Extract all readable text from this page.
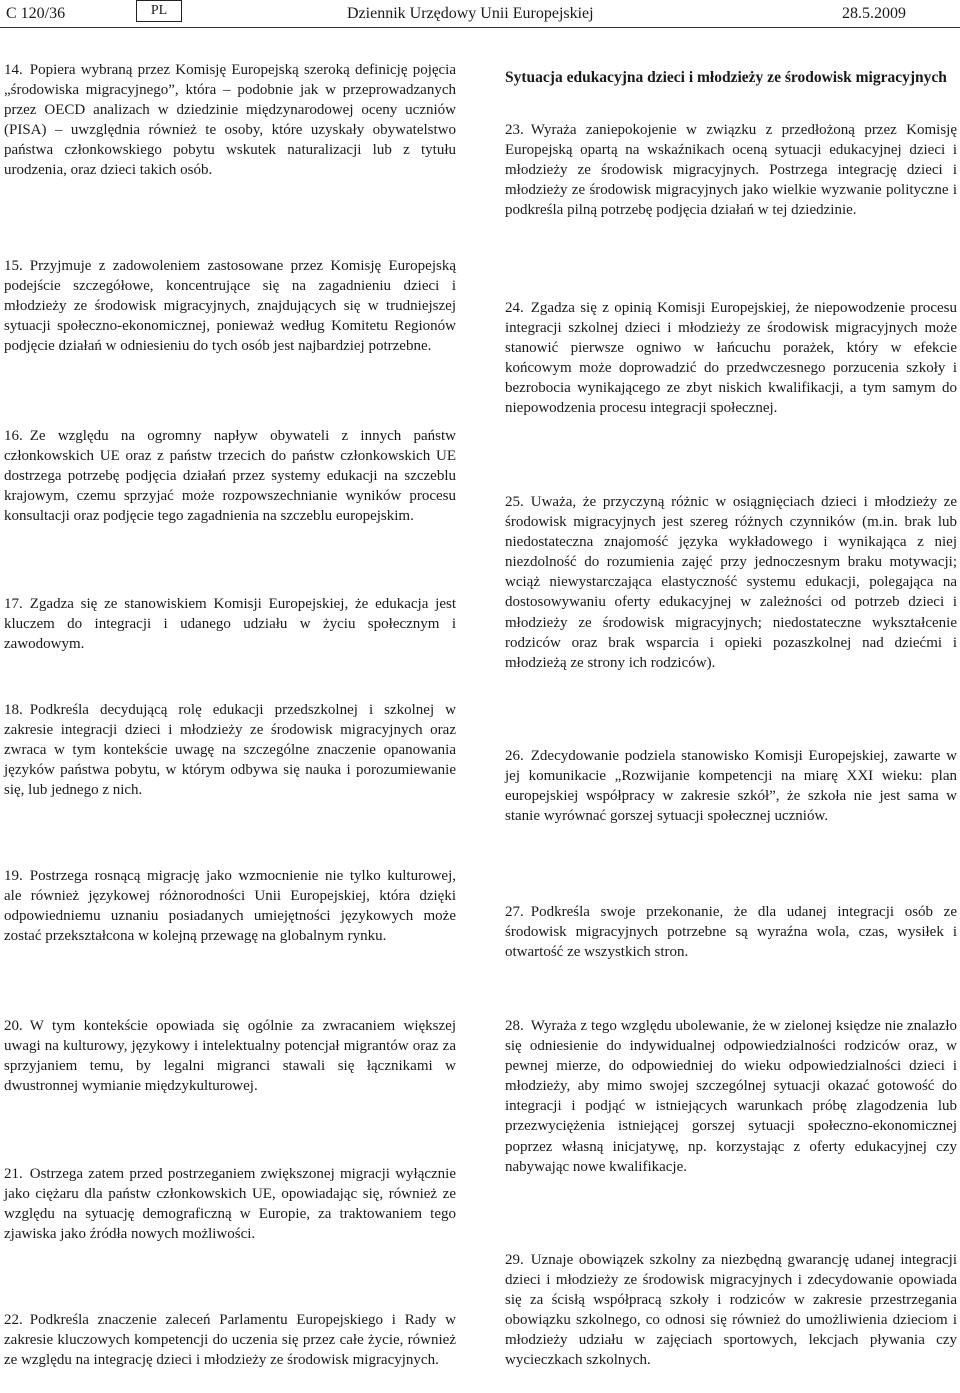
C 120/36	PL	Dziennik Urzędowy Unii Europejskiej	28.5.2009

14. Popiera wybraną przez Komisję Europejską szeroką definicję pojęcia „środowiska migracyjnego”, która – podobnie jak w przeprowadzanych przez OECD analizach w dziedzinie międzynarodowej oceny uczniów (PISA) – uwzględnia również te osoby, które uzyskały obywatelstwo państwa członkowskiego pobytu wskutek naturalizacji lub z tytułu urodzenia, oraz dzieci takich osób.

15. Przyjmuje z zadowoleniem zastosowane przez Komisję Europejską podejście szczegółowe, koncentrujące się na zagadnieniu dzieci i młodzieży ze środowisk migracyjnych, znajdujących się w trudniejszej sytuacji społeczno-ekonomicznej, ponieważ według Komitetu Regionów podjęcie działań w odniesieniu do tych osób jest najbardziej potrzebne.

16. Ze względu na ogromny napływ obywateli z innych państw członkowskich UE oraz z państw trzecich do państw członkowskich UE dostrzega potrzebę podjęcia działań przez systemy edukacji na szczeblu krajowym, czemu sprzyjać może rozpowszechnianie wyników procesu konsultacji oraz podjęcie tego zagadnienia na szczeblu europejskim.

17. Zgadza się ze stanowiskiem Komisji Europejskiej, że edukacja jest kluczem do integracji i udanego udziału w życiu społecznym i zawodowym.

18. Podkreśla decydującą rolę edukacji przedszkolnej i szkolnej w zakresie integracji dzieci i młodzieży ze środowisk migracyjnych oraz zwraca w tym kontekście uwagę na szczególne znaczenie opanowania języków państwa pobytu, w którym odbywa się nauka i porozumiewanie się, lub jednego z nich.

19. Postrzega rosnącą migrację jako wzmocnienie nie tylko kulturowej, ale również językowej różnorodności Unii Europejskiej, która dzięki odpowiedniemu uznaniu posiadanych umiejętności językowych może zostać przekształcona w kolejną przewagę na globalnym rynku.

20. W tym kontekście opowiada się ogólnie za zwracaniem większej uwagi na kulturowy, językowy i intelektualny potencjał migrantów oraz za sprzyjaniem temu, by legalni migranci stawali się łącznikami w dwustronnej wymianie międzykulturowej.

21. Ostrzega zatem przed postrzeganiem zwiększonej migracji wyłącznie jako ciężaru dla państw członkowskich UE, opowiadając się, również ze względu na sytuację demograficzną w Europie, za traktowaniem tego zjawiska jako źródła nowych możliwości.

22. Podkreśla znaczenie zaleceń Parlamentu Europejskiego i Rady w zakresie kluczowych kompetencji do uczenia się przez całe życie, również ze względu na integrację dzieci i młodzieży ze środowisk migracyjnych.

Sytuacja edukacyjna dzieci i młodzieży ze środowisk migracyjnych

23. Wyraża zaniepokojenie w związku z przedłożoną przez Komisję Europejską opartą na wskaźnikach oceną sytuacji edukacyjnej dzieci i młodzieży ze środowisk migracyjnych. Postrzega integrację dzieci i młodzieży ze środowisk migracyjnych jako wielkie wyzwanie polityczne i podkreśla pilną potrzebę podjęcia działań w tej dziedzinie.

24. Zgadza się z opinią Komisji Europejskiej, że niepowodzenie procesu integracji szkolnej dzieci i młodzieży ze środowisk migracyjnych może stanowić pierwsze ogniwo w łańcuchu porażek, który w efekcie końcowym może doprowadzić do przedwczesnego porzucenia szkoły i bezrobocia wynikającego ze zbyt niskich kwalifikacji, a tym samym do niepowodzenia procesu integracji społecznej.

25. Uważa, że przyczyną różnic w osiągnięciach dzieci i młodzieży ze środowisk migracyjnych jest szereg różnych czynników (m.in. brak lub niedostateczna znajomość języka wykładowego i wynikająca z niej niezdolność do rozumienia zajęć przy jednoczesnym braku motywacji; wciąż niewystarczająca elastyczność systemu edukacji, polegająca na dostosowywaniu oferty edukacyjnej w zależności od potrzeb dzieci i młodzieży ze środowisk migracyjnych; niedostateczne wykształcenie rodziców oraz brak wsparcia i opieki pozaszkolnej nad dziećmi i młodzieżą ze strony ich rodziców).

26. Zdecydowanie podziela stanowisko Komisji Europejskiej, zawarte w jej komunikacie „Rozwijanie kompetencji na miarę XXI wieku: plan europejskiej współpracy w zakresie szkół”, że szkoła nie jest sama w stanie wyrównać gorszej sytuacji społecznej uczniów.

27. Podkreśla swoje przekonanie, że dla udanej integracji osób ze środowisk migracyjnych potrzebne są wyraźna wola, czas, wysiłek i otwartość ze wszystkich stron.

28. Wyraża z tego względu ubolewanie, że w zielonej księdze nie znalazło się odniesienie do indywidualnej odpowiedzialności rodziców oraz, w pewnej mierze, do odpowiedniej do wieku odpowiedzialności dzieci i młodzieży, aby mimo swojej szczególnej sytuacji okazać gotowość do integracji i podjąć w istniejących warunkach próbę zlagodzenia lub przezwyciężenia istniejącej gorszej sytuacji społeczno-ekonomicznej poprzez własną inicjatywę, np. korzystając z oferty edukacyjnej czy nabywając nowe kwalifikacje.

29. Uznaje obowiązek szkolny za niezbędną gwarancję udanej integracji dzieci i młodzieży ze środowisk migracyjnych i zdecydowanie opowiada się za ścisłą współpracą szkoły i rodziców w zakresie przestrzegania obowiązku szkolnego, co odnosi się również do umożliwienia dzieciom i młodzieży udziału w zajęciach sportowych, lekcjach pływania czy wycieczkach szkolnych.
